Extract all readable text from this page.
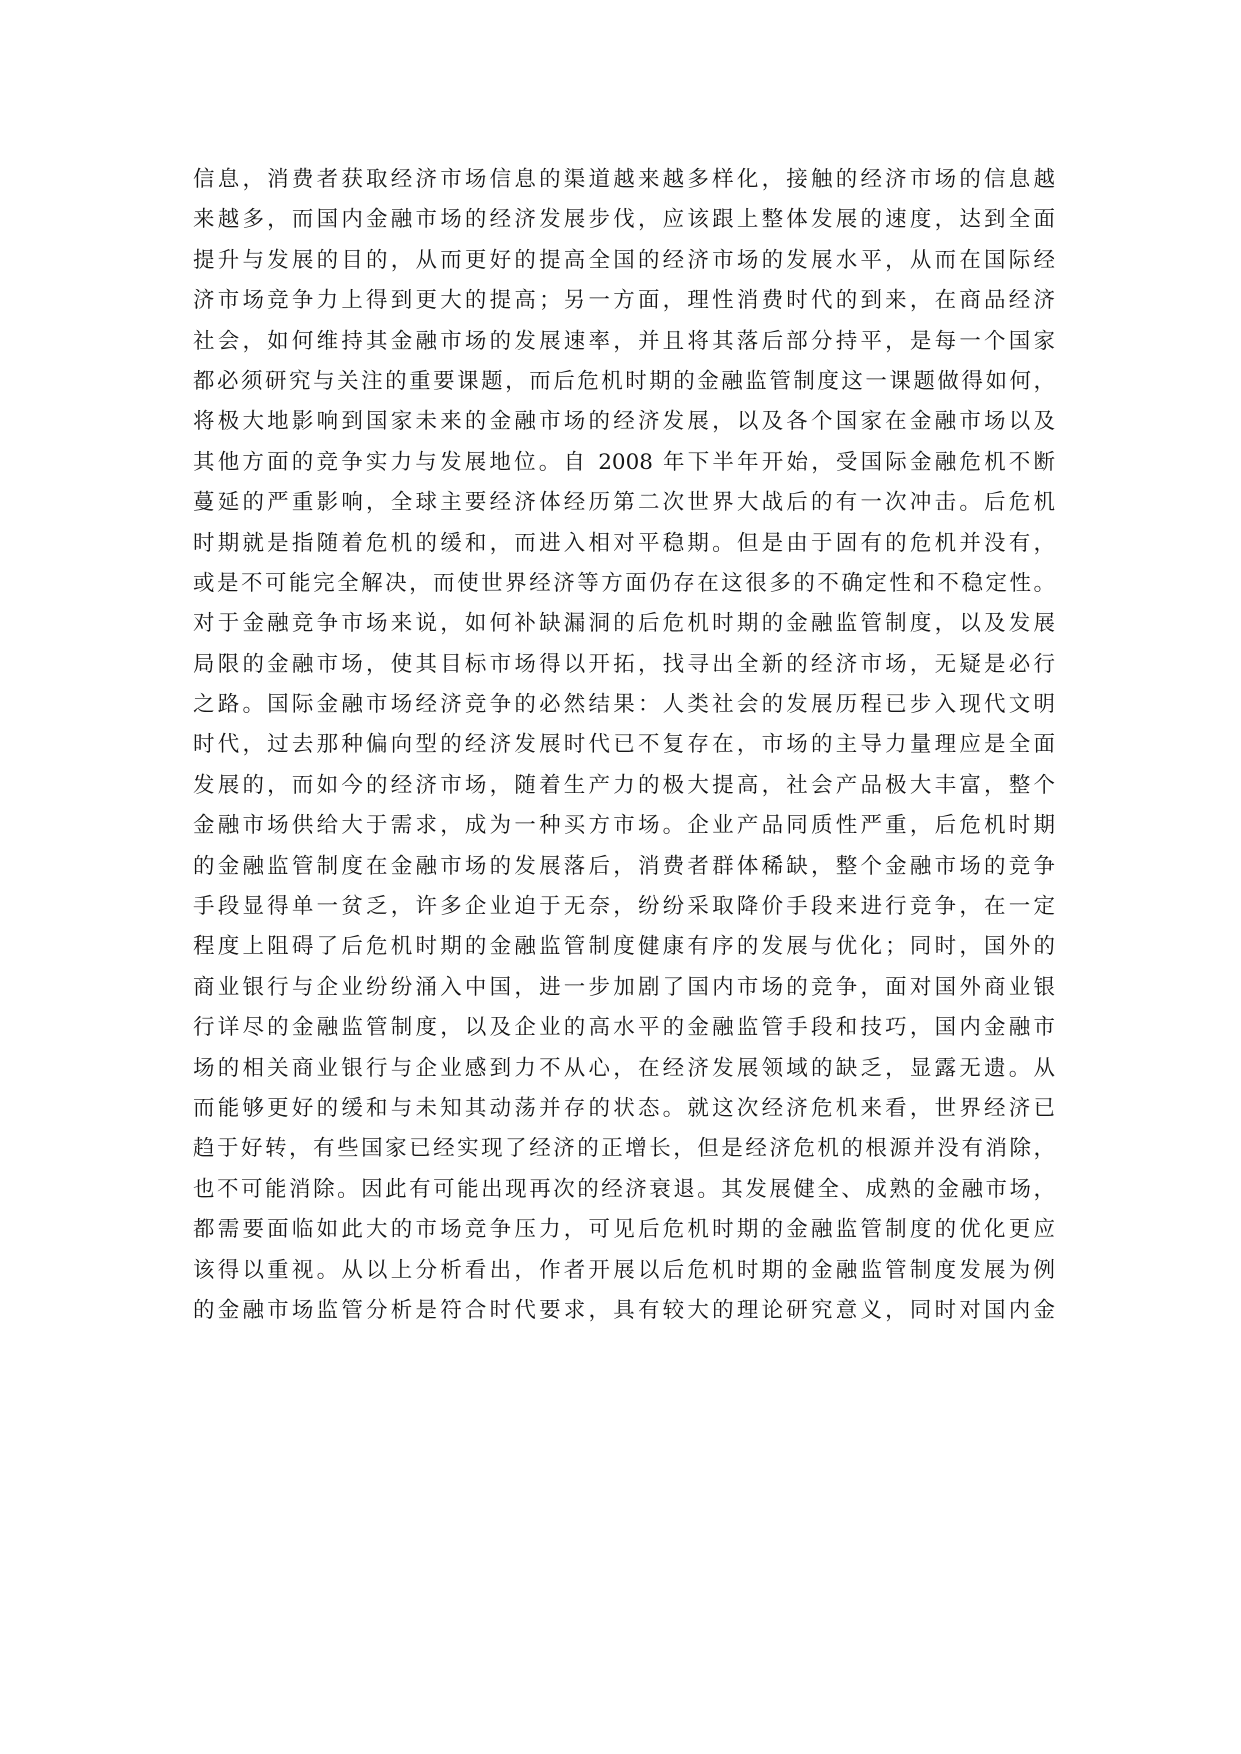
信息，消费者获取经济市场信息的渠道越来越多样化，接触的经济市场的信息越
来越多，而国内金融市场的经济发展步伐，应该跟上整体发展的速度，达到全面
提升与发展的目的，从而更好的提高全国的经济市场的发展水平，从而在国际经
济市场竞争力上得到更大的提高；另一方面，理性消费时代的到来，在商品经济
社会，如何维持其金融市场的发展速率，并且将其落后部分持平，是每一个国家
都必须研究与关注的重要课题，而后危机时期的金融监管制度这一课题做得如何，
将极大地影响到国家未来的金融市场的经济发展，以及各个国家在金融市场以及
其他方面的竞争实力与发展地位。自 2008 年下半年开始，受国际金融危机不断
蔓延的严重影响，全球主要经济体经历第二次世界大战后的有一次冲击。后危机
时期就是指随着危机的缓和，而进入相对平稳期。但是由于固有的危机并没有，
或是不可能完全解决，而使世界经济等方面仍存在这很多的不确定性和不稳定性。
对于金融竞争市场来说，如何补缺漏洞的后危机时期的金融监管制度，以及发展
局限的金融市场，使其目标市场得以开拓，找寻出全新的经济市场，无疑是必行
之路。国际金融市场经济竞争的必然结果：人类社会的发展历程已步入现代文明
时代，过去那种偏向型的经济发展时代已不复存在，市场的主导力量理应是全面
发展的，而如今的经济市场，随着生产力的极大提高，社会产品极大丰富，整个
金融市场供给大于需求，成为一种买方市场。企业产品同质性严重，后危机时期
的金融监管制度在金融市场的发展落后，消费者群体稀缺，整个金融市场的竞争
手段显得单一贫乏，许多企业迫于无奈，纷纷采取降价手段来进行竞争，在一定
程度上阻碍了后危机时期的金融监管制度健康有序的发展与优化；同时，国外的
商业银行与企业纷纷涌入中国，进一步加剧了国内市场的竞争，面对国外商业银
行详尽的金融监管制度，以及企业的高水平的金融监管手段和技巧，国内金融市
场的相关商业银行与企业感到力不从心，在经济发展领域的缺乏，显露无遗。从
而能够更好的缓和与未知其动荡并存的状态。就这次经济危机来看，世界经济已
趋于好转，有些国家已经实现了经济的正增长，但是经济危机的根源并没有消除，
也不可能消除。因此有可能出现再次的经济衰退。其发展健全、成熟的金融市场，
都需要面临如此大的市场竞争压力，可见后危机时期的金融监管制度的优化更应
该得以重视。从以上分析看出，作者开展以后危机时期的金融监管制度发展为例
的金融市场监管分析是符合时代要求，具有较大的理论研究意义，同时对国内金
